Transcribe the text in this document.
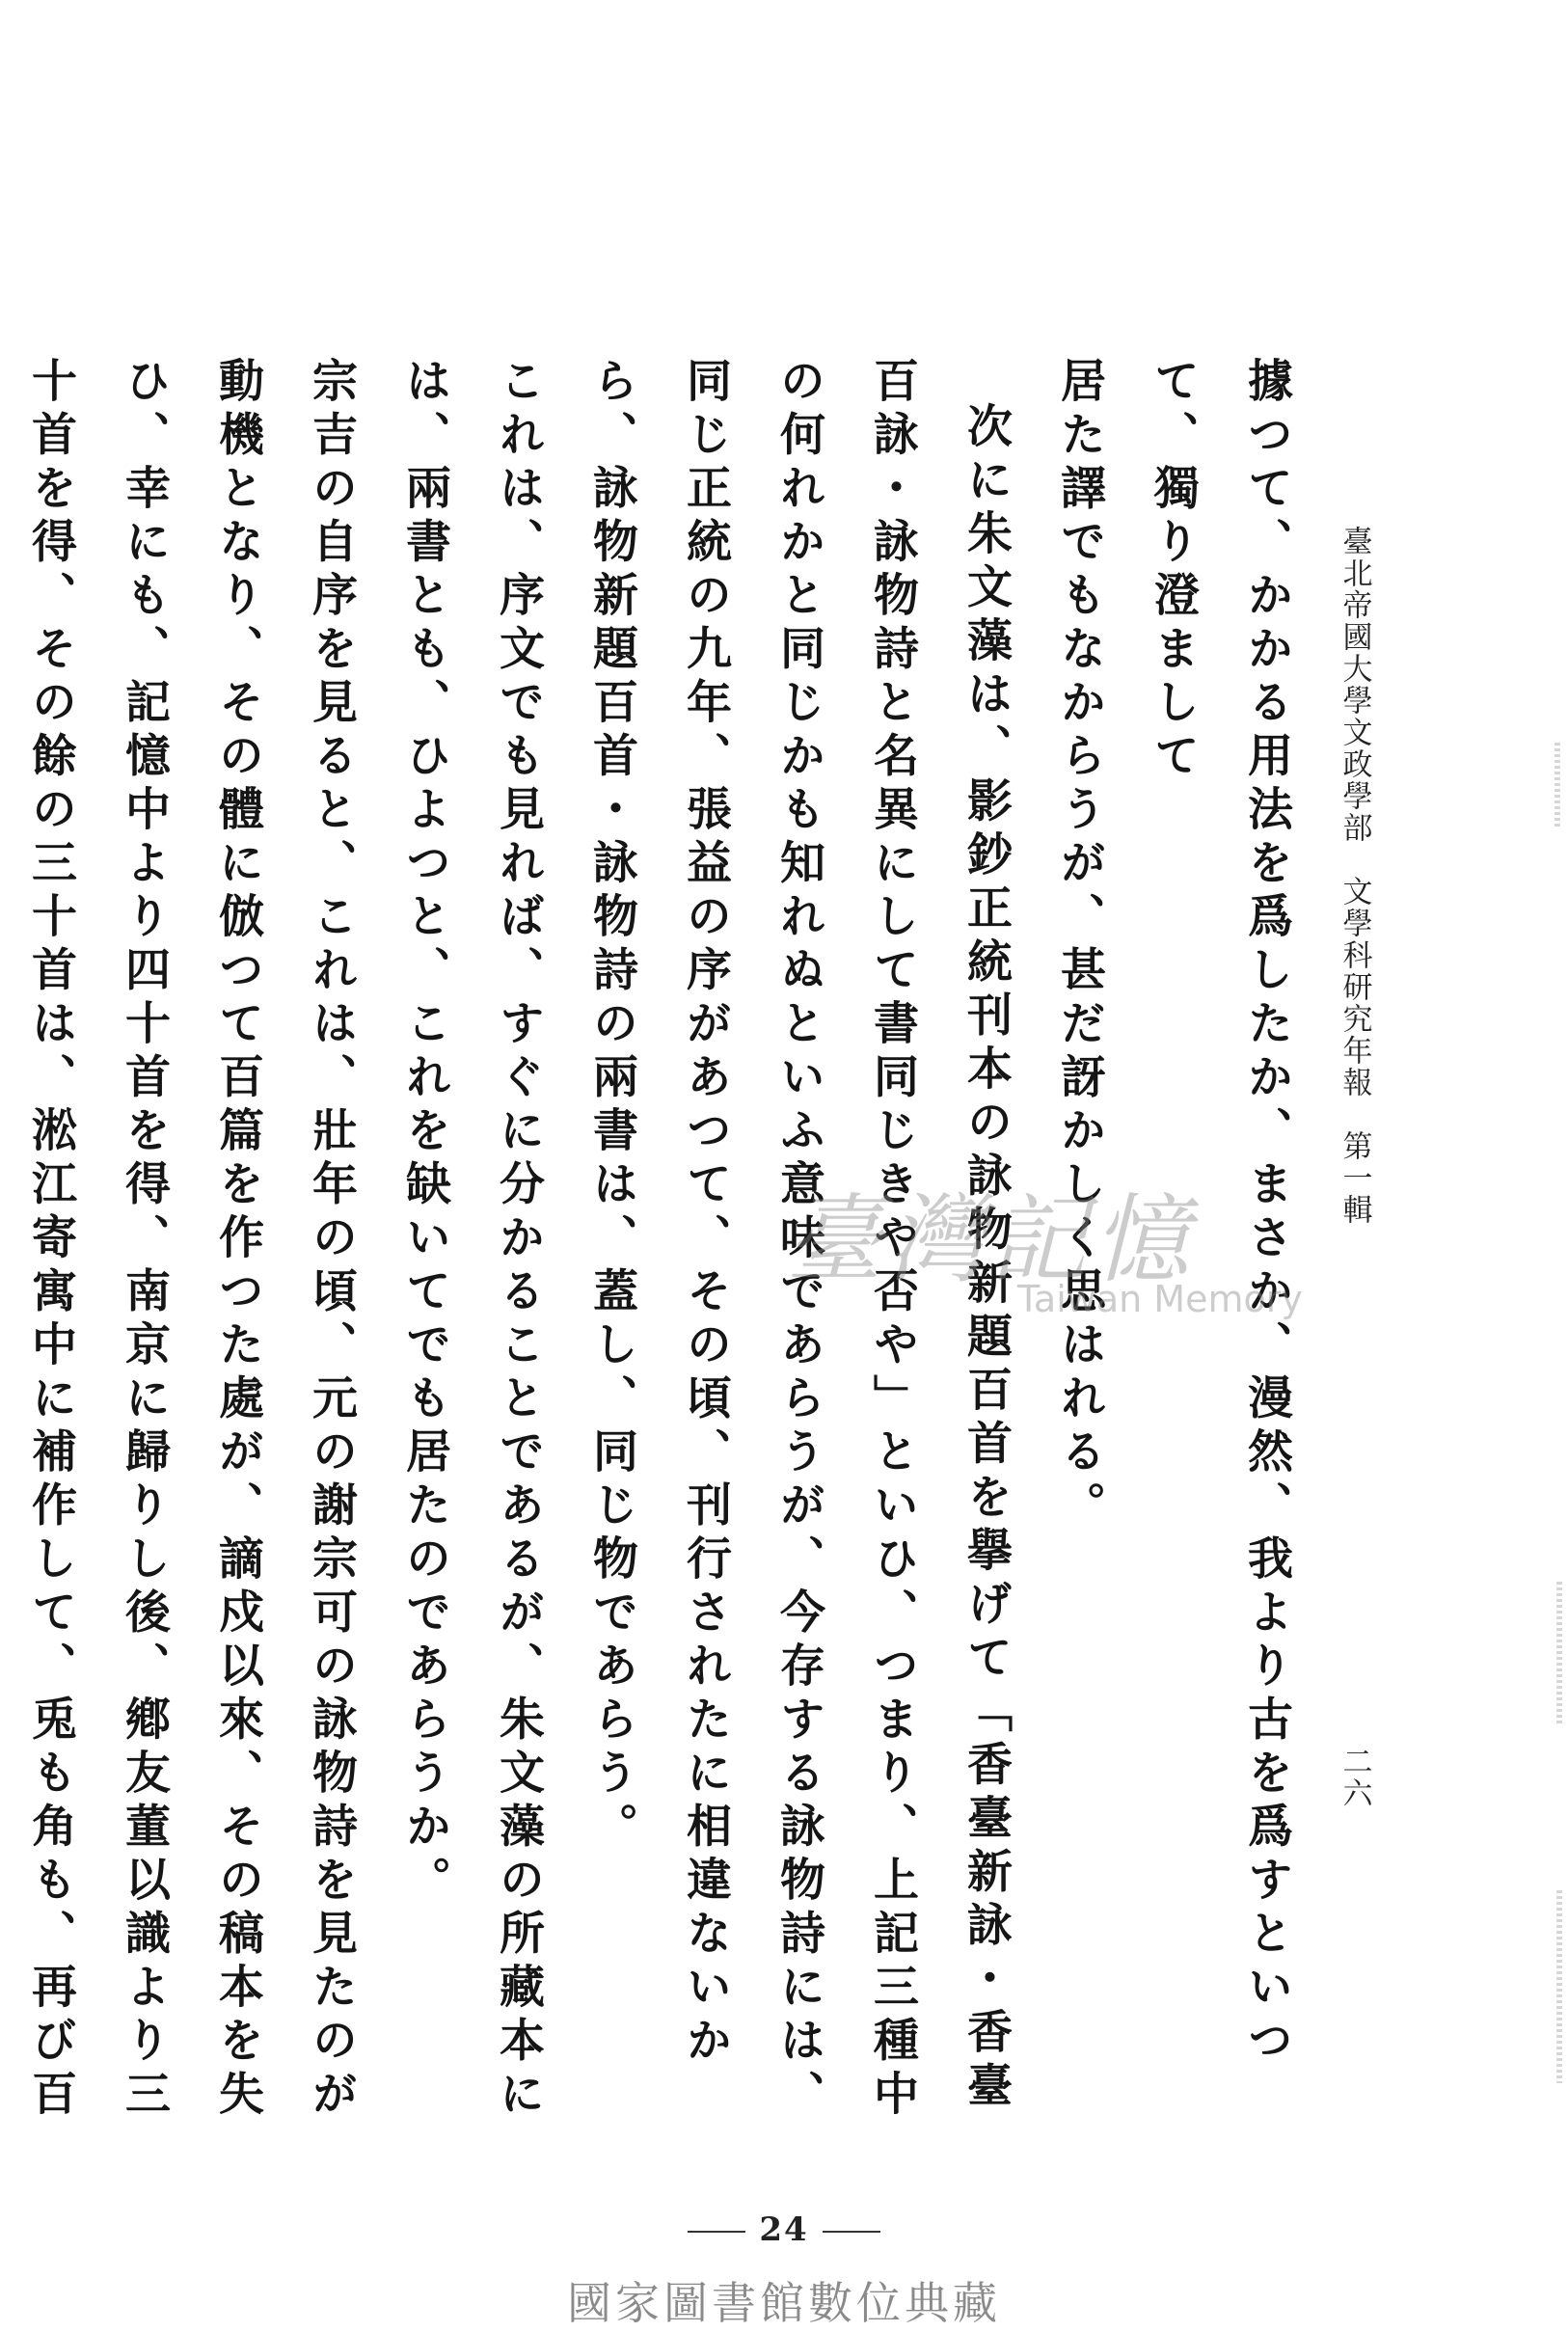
臺北帝國大學文政學部　文學科研究年報　第一輯
二六

據つて、かかる用法を爲したか、まさか、漫然、我より古を爲すといつて、獨り澄まして

居た譯でもなからうが、甚だ訝かしく思はれる。

次に朱文藻は、影鈔正統刊本の詠物新題百首を擧げて「香臺新詠・香臺百詠・詠物詩と名異にして書同じきや否や」といひ、つまり、上記三種中の何れかと同じかも知れぬといふ意味であらうが、今存する詠物詩には、同じ正統の九年、張益の序があつて、その頃、刊行されたに相違ないから、詠物新題百首・詠物詩の兩書は、蓋し、同じ物であらう。

これは、序文でも見れば、すぐに分かることであるが、朱文藻の所藏本には、兩書とも、ひよつと、これを缺いてでも居たのであらうか。

宗吉の自序を見ると、これは、壯年の頃、元の謝宗可の詠物詩を見たのが動機となり、その體に倣つて百篇を作つた處が、謫戍以來、その稿本を失ひ、幸にも、記憶中より四十首を得、南京に歸りし後、鄕友董以識より三十首を得、その餘の三十首は、淞江寄寓中に補作して、兎も角も、再び百

臺灣記憶
Taiwan Memory
24
國家圖書館數位典藏
